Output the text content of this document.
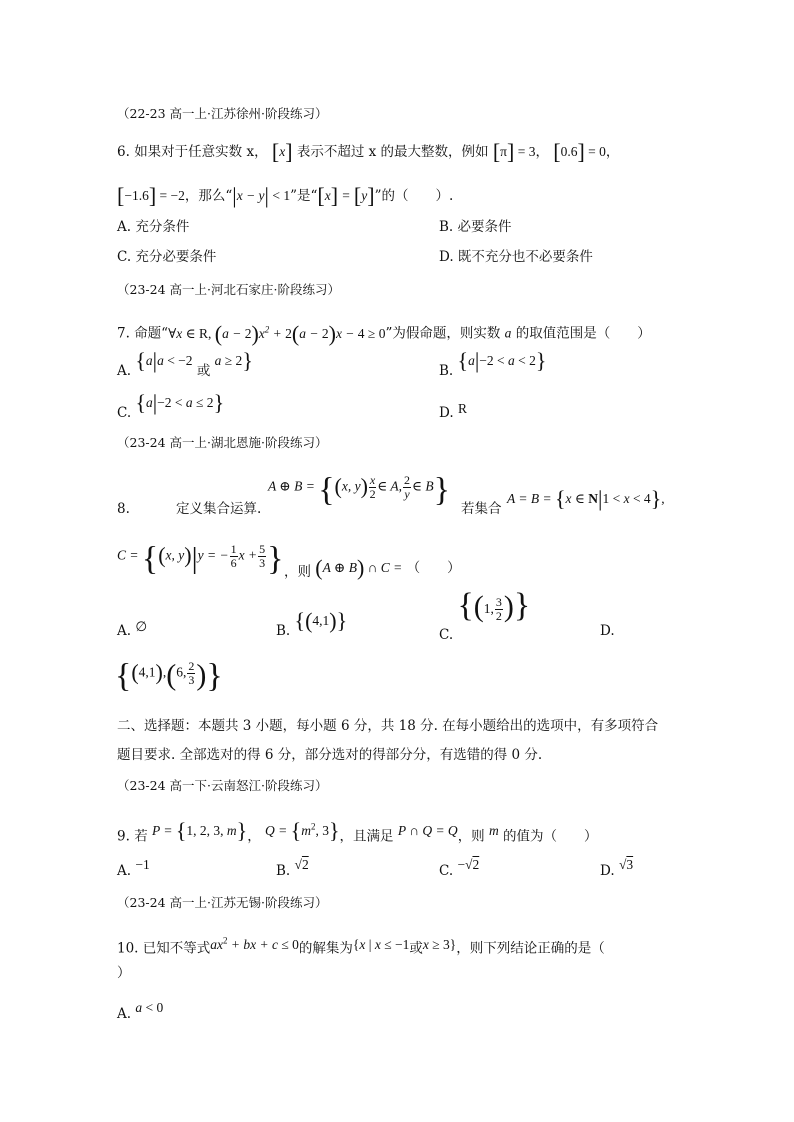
（22-23 高一上·江苏徐州·阶段练习）
6. 如果对于任意实数 x， [x] 表示不超过 x 的最大整数，例如 [π] = 3， [0.6] = 0，
[−1.6] = −2，那么“|x − y| < 1”是“[x] = [y]”的（　　）.
A. 充分条件	B. 必要条件
C. 充分必要条件	D. 既不充分也不必要条件
（23-24 高一上·河北石家庄·阶段练习）
7. 命题“∀x ∈ R, $(a - 2)x^2 + 2(a - 2)x - 4 \ge 0$”为假命题，则实数 a 的取值范围是（　　）
A. {a|a < −2 或 a ≥ 2}	B. {a|−2 < a < 2}
C. {a|−2 < a ≤ 2}	D. R
（23-24 高一上·湖北恩施·阶段练习）
8.	定义集合运算.
A ⊕ B = {(x, $y) \frac{x}{2}$ ∈ A, $\frac{2}{y}$ ∈ B}
若集合
A = B = {x ∈ N|1 < x < 4},
C = {(x, y)|y = − $\frac{1}{6}$ $x + \frac{5}{3}$ } ，则 (A ⊕ B) ∩ C = （　　）
A. ∅	B. {(4,1)}
C. {(1, $\frac{3}{2}$ )}
D.
{(4,1),(6, $\frac{2}{3}$ )}
二、选择题：本题共 3 小题，每小题 6 分，共 18 分. 在每小题给出的选项中，有多项符合
题目要求. 全部选对的得 6 分，部分选对的得部分分，有选错的得 0 分.
（23-24 高一下·云南怒江·阶段练习）
9. 若 P = {1, 2, 3, m}， $Q = \{m^2$, 3}，且满足 P ∩ Q = Q，则 m 的值为（　　）
A. −1	B. √2	C. −√2	D. √3
（23-24 高一上·江苏无锡·阶段练习）
10. 已知不等式$ax^2$ + bx + c ≤ 0的解集为{x | x ≤ −1或x ≥ 3}，则下列结论正确的是（
）
A. a < 0
